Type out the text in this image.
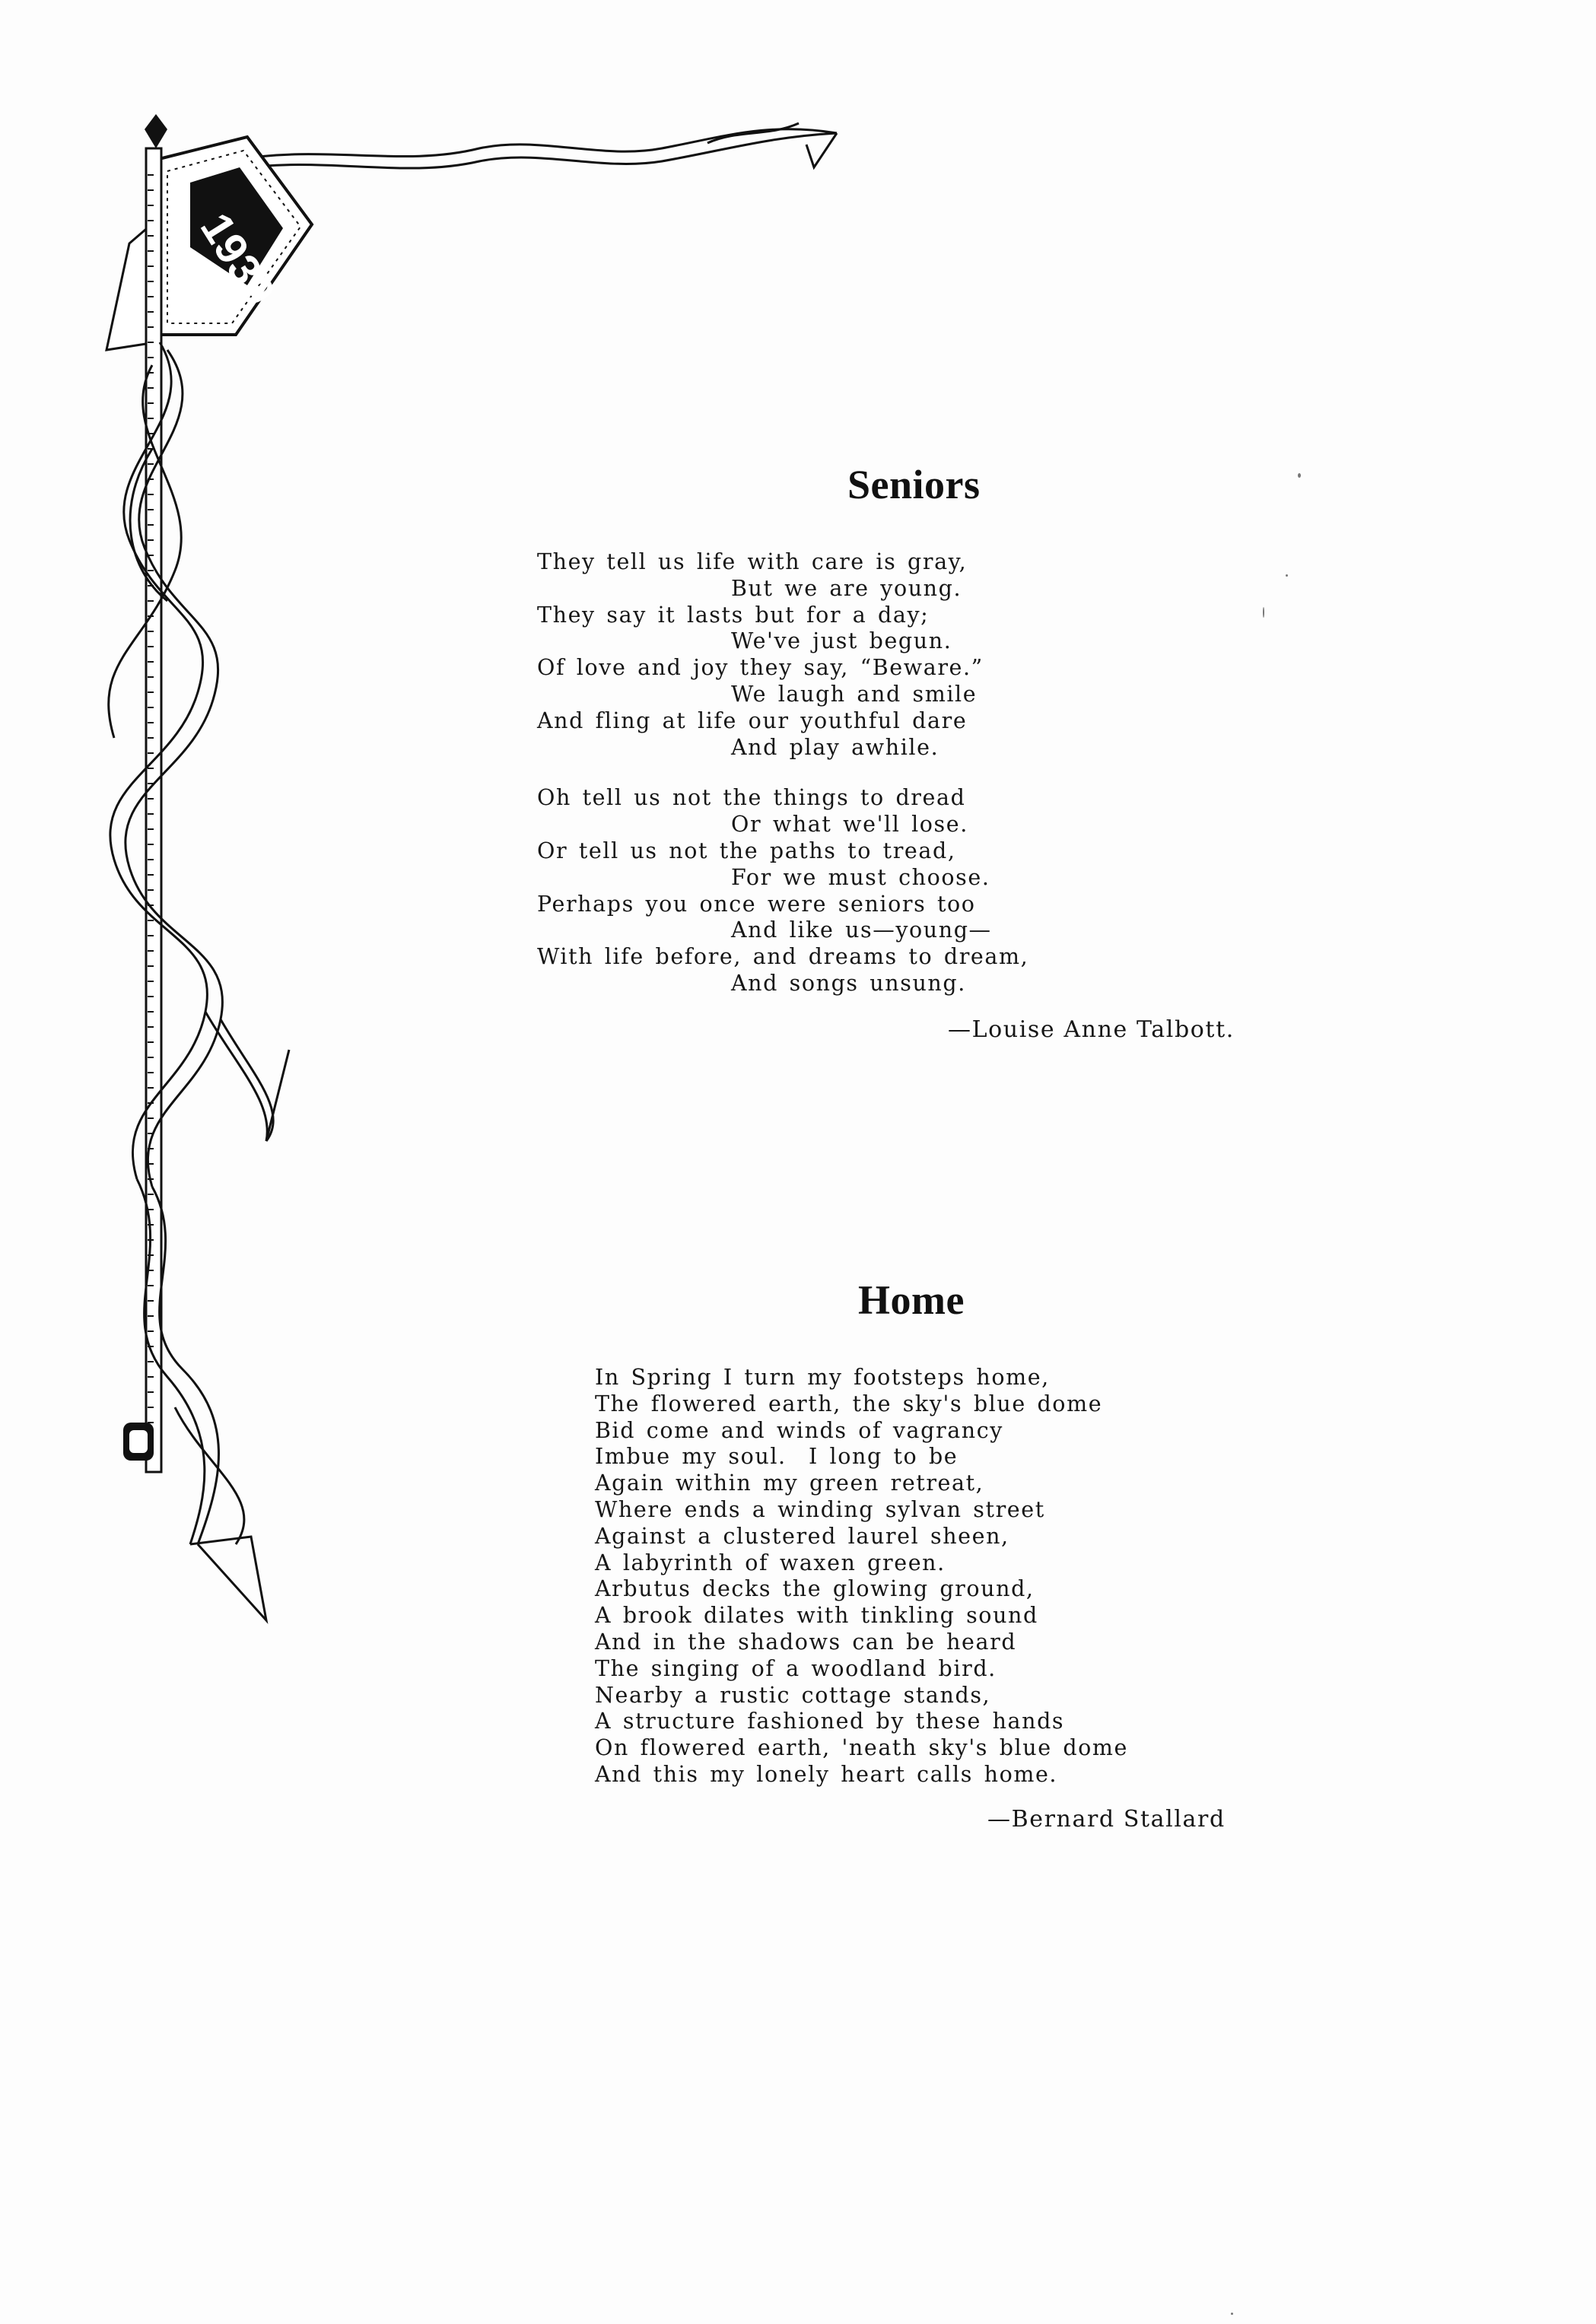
1939
Seniors
They tell us life with care is gray,
But we are young.
They say it lasts but for a day;
We've just begun.
Of love and joy they say, “Beware.”
We laugh and smile
And fling at life our youthful dare
And play awhile.
Oh tell us not the things to dread
Or what we'll lose.
Or tell us not the paths to tread,
For we must choose.
Perhaps you once were seniors too
And like us—young—
With life before, and dreams to dream,
And songs unsung.
—Louise Anne Talbott.
Home
In Spring I turn my footsteps home,
The flowered earth, the sky's blue dome
Bid come and winds of vagrancy
Imbue my soul.  I long to be
Again within my green retreat,
Where ends a winding sylvan street
Against a clustered laurel sheen,
A labyrinth of waxen green.
Arbutus decks the glowing ground,
A brook dilates with tinkling sound
And in the shadows can be heard
The singing of a woodland bird.
Nearby a rustic cottage stands,
A structure fashioned by these hands
On flowered earth, 'neath sky's blue dome
And this my lonely heart calls home.
—Bernard Stallard
